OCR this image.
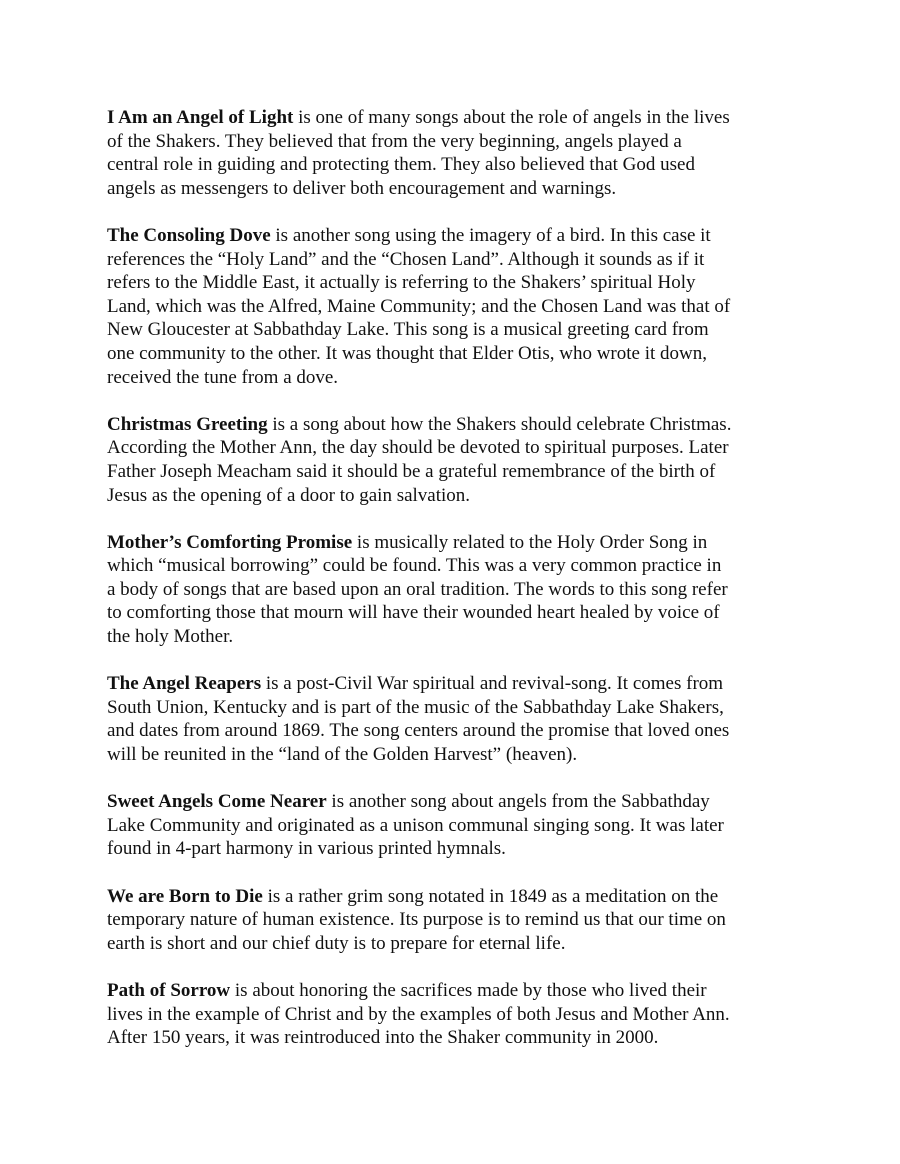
I Am an Angel of Light is one of many songs about the role of angels in the lives
of the Shakers. They believed that from the very beginning, angels played a
central role in guiding and protecting them. They also believed that God used
angels as messengers to deliver both encouragement and warnings.

The Consoling Dove is another song using the imagery of a bird. In this case it
references the “Holy Land” and the “Chosen Land”. Although it sounds as if it
refers to the Middle East, it actually is referring to the Shakers’ spiritual Holy
Land, which was the Alfred, Maine Community; and the Chosen Land was that of
New Gloucester at Sabbathday Lake. This song is a musical greeting card from
one community to the other. It was thought that Elder Otis, who wrote it down,
received the tune from a dove.

Christmas Greeting is a song about how the Shakers should celebrate Christmas.
According the Mother Ann, the day should be devoted to spiritual purposes. Later
Father Joseph Meacham said it should be a grateful remembrance of the birth of
Jesus as the opening of a door to gain salvation.

Mother’s Comforting Promise is musically related to the Holy Order Song in
which “musical borrowing” could be found. This was a very common practice in
a body of songs that are based upon an oral tradition. The words to this song refer
to comforting those that mourn will have their wounded heart healed by voice of
the holy Mother.

The Angel Reapers is a post-Civil War spiritual and revival-song. It comes from
South Union, Kentucky and is part of the music of the Sabbathday Lake Shakers,
and dates from around 1869. The song centers around the promise that loved ones
will be reunited in the “land of the Golden Harvest” (heaven).

Sweet Angels Come Nearer is another song about angels from the Sabbathday
Lake Community and originated as a unison communal singing song. It was later
found in 4-part harmony in various printed hymnals.

We are Born to Die is a rather grim song notated in 1849 as a meditation on the
temporary nature of human existence. Its purpose is to remind us that our time on
earth is short and our chief duty is to prepare for eternal life.

Path of Sorrow is about honoring the sacrifices made by those who lived their
lives in the example of Christ and by the examples of both Jesus and Mother Ann.
After 150 years, it was reintroduced into the Shaker community in 2000.
